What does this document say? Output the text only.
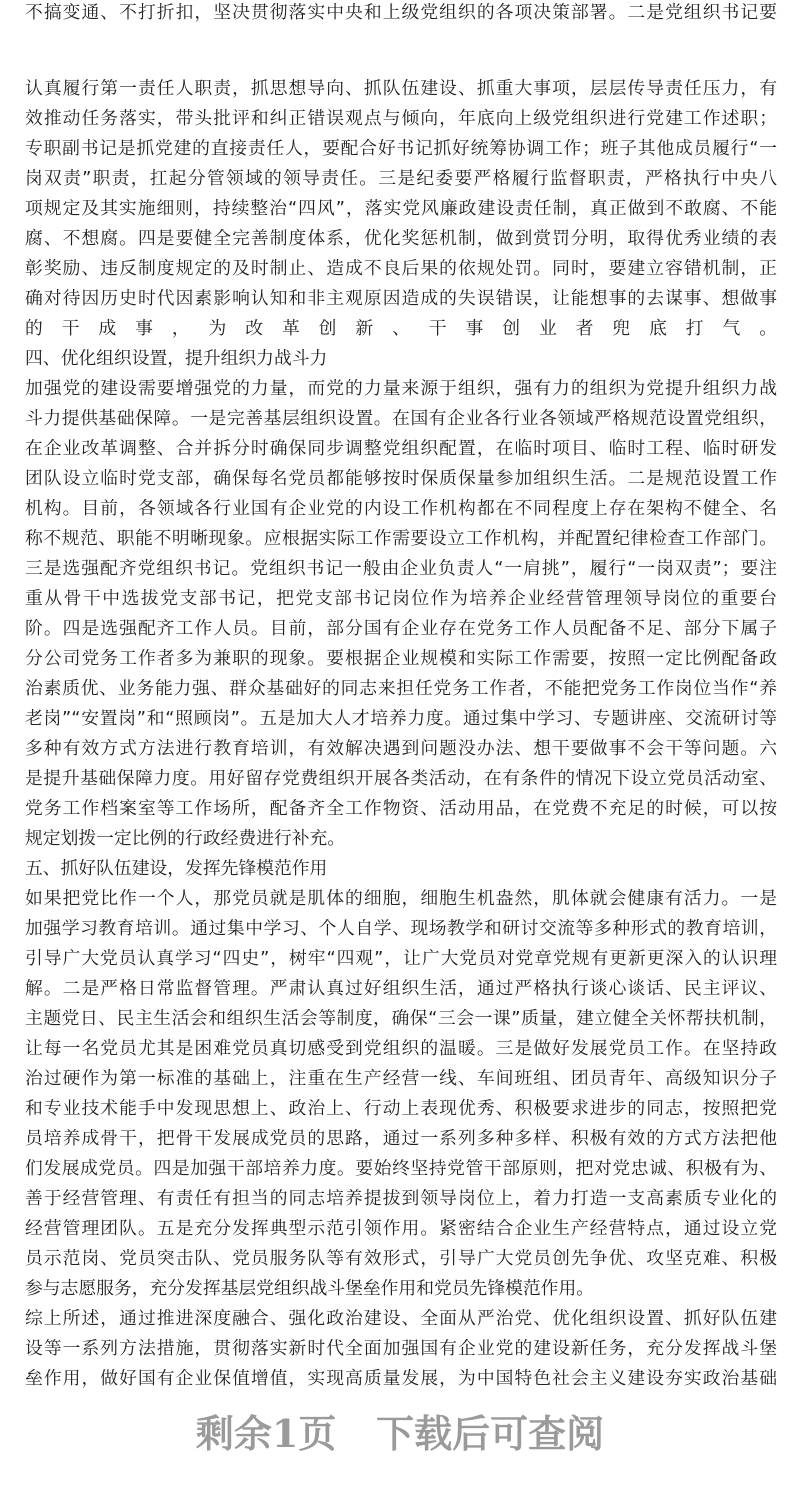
不搞变通、不打折扣，坚决贯彻落实中央和上级党组织的各项决策部署。二是党组织书记要
认真履行第一责任人职责，抓思想导向、抓队伍建设、抓重大事项，层层传导责任压力，有
效推动任务落实，带头批评和纠正错误观点与倾向，年底向上级党组织进行党建工作述职；
专职副书记是抓党建的直接责任人，要配合好书记抓好统筹协调工作；班子其他成员履行“一
岗双责”职责，扛起分管领域的领导责任。三是纪委要严格履行监督职责，严格执行中央八
项规定及其实施细则，持续整治“四风”，落实党风廉政建设责任制，真正做到不敢腐、不能
腐、不想腐。四是要健全完善制度体系，优化奖惩机制，做到赏罚分明，取得优秀业绩的表
彰奖励、违反制度规定的及时制止、造成不良后果的依规处罚。同时，要建立容错机制，正
确对待因历史时代因素影响认知和非主观原因造成的失误错误，让能想事的去谋事、想做事
的干成事，为改革创新、干事创业者兜底打气。
四、优化组织设置，提升组织力战斗力
加强党的建设需要增强党的力量，而党的力量来源于组织，强有力的组织为党提升组织力战
斗力提供基础保障。一是完善基层组织设置。在国有企业各行业各领域严格规范设置党组织，
在企业改革调整、合并拆分时确保同步调整党组织配置，在临时项目、临时工程、临时研发
团队设立临时党支部，确保每名党员都能够按时保质保量参加组织生活。二是规范设置工作
机构。目前，各领域各行业国有企业党的内设工作机构都在不同程度上存在架构不健全、名
称不规范、职能不明晰现象。应根据实际工作需要设立工作机构，并配置纪律检查工作部门。
三是选强配齐党组织书记。党组织书记一般由企业负责人“一肩挑”，履行“一岗双责”；要注
重从骨干中选拔党支部书记，把党支部书记岗位作为培养企业经营管理领导岗位的重要台
阶。四是选强配齐工作人员。目前，部分国有企业存在党务工作人员配备不足、部分下属子
分公司党务工作者多为兼职的现象。要根据企业规模和实际工作需要，按照一定比例配备政
治素质优、业务能力强、群众基础好的同志来担任党务工作者，不能把党务工作岗位当作“养
老岗”“安置岗”和“照顾岗”。五是加大人才培养力度。通过集中学习、专题讲座、交流研讨等
多种有效方式方法进行教育培训，有效解决遇到问题没办法、想干要做事不会干等问题。六
是提升基础保障力度。用好留存党费组织开展各类活动，在有条件的情况下设立党员活动室、
党务工作档案室等工作场所，配备齐全工作物资、活动用品，在党费不充足的时候，可以按
规定划拨一定比例的行政经费进行补充。
五、抓好队伍建设，发挥先锋模范作用
如果把党比作一个人，那党员就是肌体的细胞，细胞生机盎然，肌体就会健康有活力。一是
加强学习教育培训。通过集中学习、个人自学、现场教学和研讨交流等多种形式的教育培训，
引导广大党员认真学习“四史”，树牢“四观”，让广大党员对党章党规有更新更深入的认识理
解。二是严格日常监督管理。严肃认真过好组织生活，通过严格执行谈心谈话、民主评议、
主题党日、民主生活会和组织生活会等制度，确保“三会一课”质量，建立健全关怀帮扶机制，
让每一名党员尤其是困难党员真切感受到党组织的温暖。三是做好发展党员工作。在坚持政
治过硬作为第一标准的基础上，注重在生产经营一线、车间班组、团员青年、高级知识分子
和专业技术能手中发现思想上、政治上、行动上表现优秀、积极要求进步的同志，按照把党
员培养成骨干，把骨干发展成党员的思路，通过一系列多种多样、积极有效的方式方法把他
们发展成党员。四是加强干部培养力度。要始终坚持党管干部原则，把对党忠诚、积极有为、
善于经营管理、有责任有担当的同志培养提拔到领导岗位上，着力打造一支高素质专业化的
经营管理团队。五是充分发挥典型示范引领作用。紧密结合企业生产经营特点，通过设立党
员示范岗、党员突击队、党员服务队等有效形式，引导广大党员创先争优、攻坚克难、积极
参与志愿服务，充分发挥基层党组织战斗堡垒作用和党员先锋模范作用。
综上所述，通过推进深度融合、强化政治建设、全面从严治党、优化组织设置、抓好队伍建
设等一系列方法措施，贯彻落实新时代全面加强国有企业党的建设新任务，充分发挥战斗堡
垒作用，做好国有企业保值增值，实现高质量发展，为中国特色社会主义建设夯实政治基础
剩余1页 下载后可查阅
